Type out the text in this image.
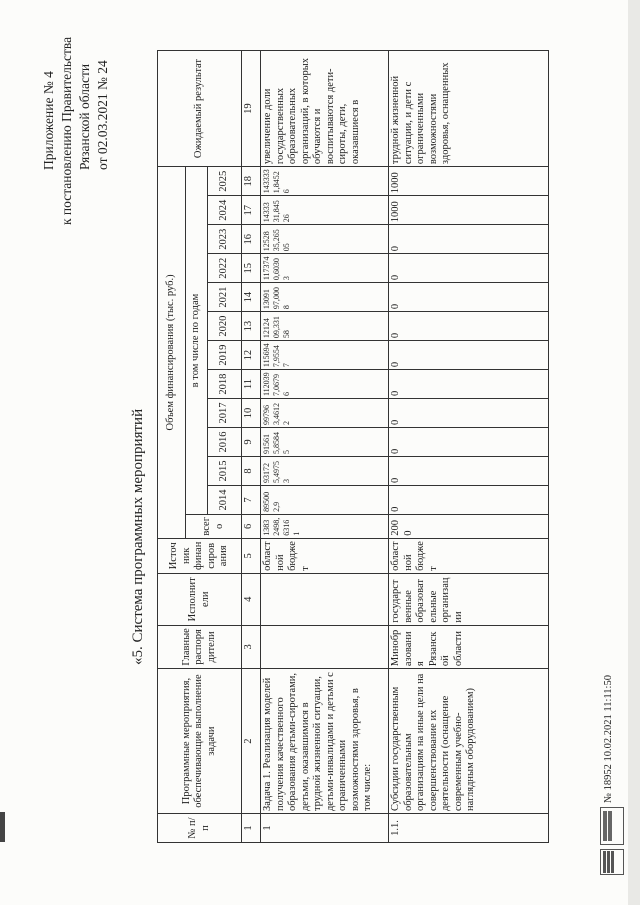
Приложение № 4 к постановлению Правительства Рязанской области от 02.03.2021 № 24
«5. Система программных мероприятий
№ п/п	Программные мероприятия, обеспечивающие выполнение задачи	Главные распорядители	Исполнители	Источник финансирования	Объем финансирования (тыс. руб.)													Ожидаемый результат
					всего	в том числе по годам												
						2014	2015	2016	2017	2018	2019	2020	2021	2022	2023	2024	2025	
1	2	3	4	5	6	7	8	9	10	11	12	13	14	15	16	17	18	19
1	Задача 1. Реализация моделей получения качественного образования детьми-сиротами, детьми, оказавшимися в трудной жизненной ситуации, детьми-инвалидами и детьми с ограниченными возможностями здоровья, в том числе:			областной бюджет	13832498,63161	895002,9	931725,49753	915615,85845	997963,46122	1120397,06796	1156947,95547	1212409,33158	1309197,0008	1173740,60303	1252835,26505	1433331,84526	1433331,84526	увеличение доли государственных образовательных организаций, в которых обучаются и воспитываются дети-сироты, дети, оказавшиеся в
1.1.	Субсидии государственным образовательным организациям на иные цели на совершенствование их деятельности (оснащение современным учебно-наглядным оборудованием)	Минобразования Рязанской области	государственные образовательные организации	областной бюджет	2000	0	0	0	0	0	0	0	0	0	0	1000	1000	трудной жизненной ситуации, и дети с ограниченными возможностями здоровья, оснащенных
№ 18952 10.02.2021 11:11:50
